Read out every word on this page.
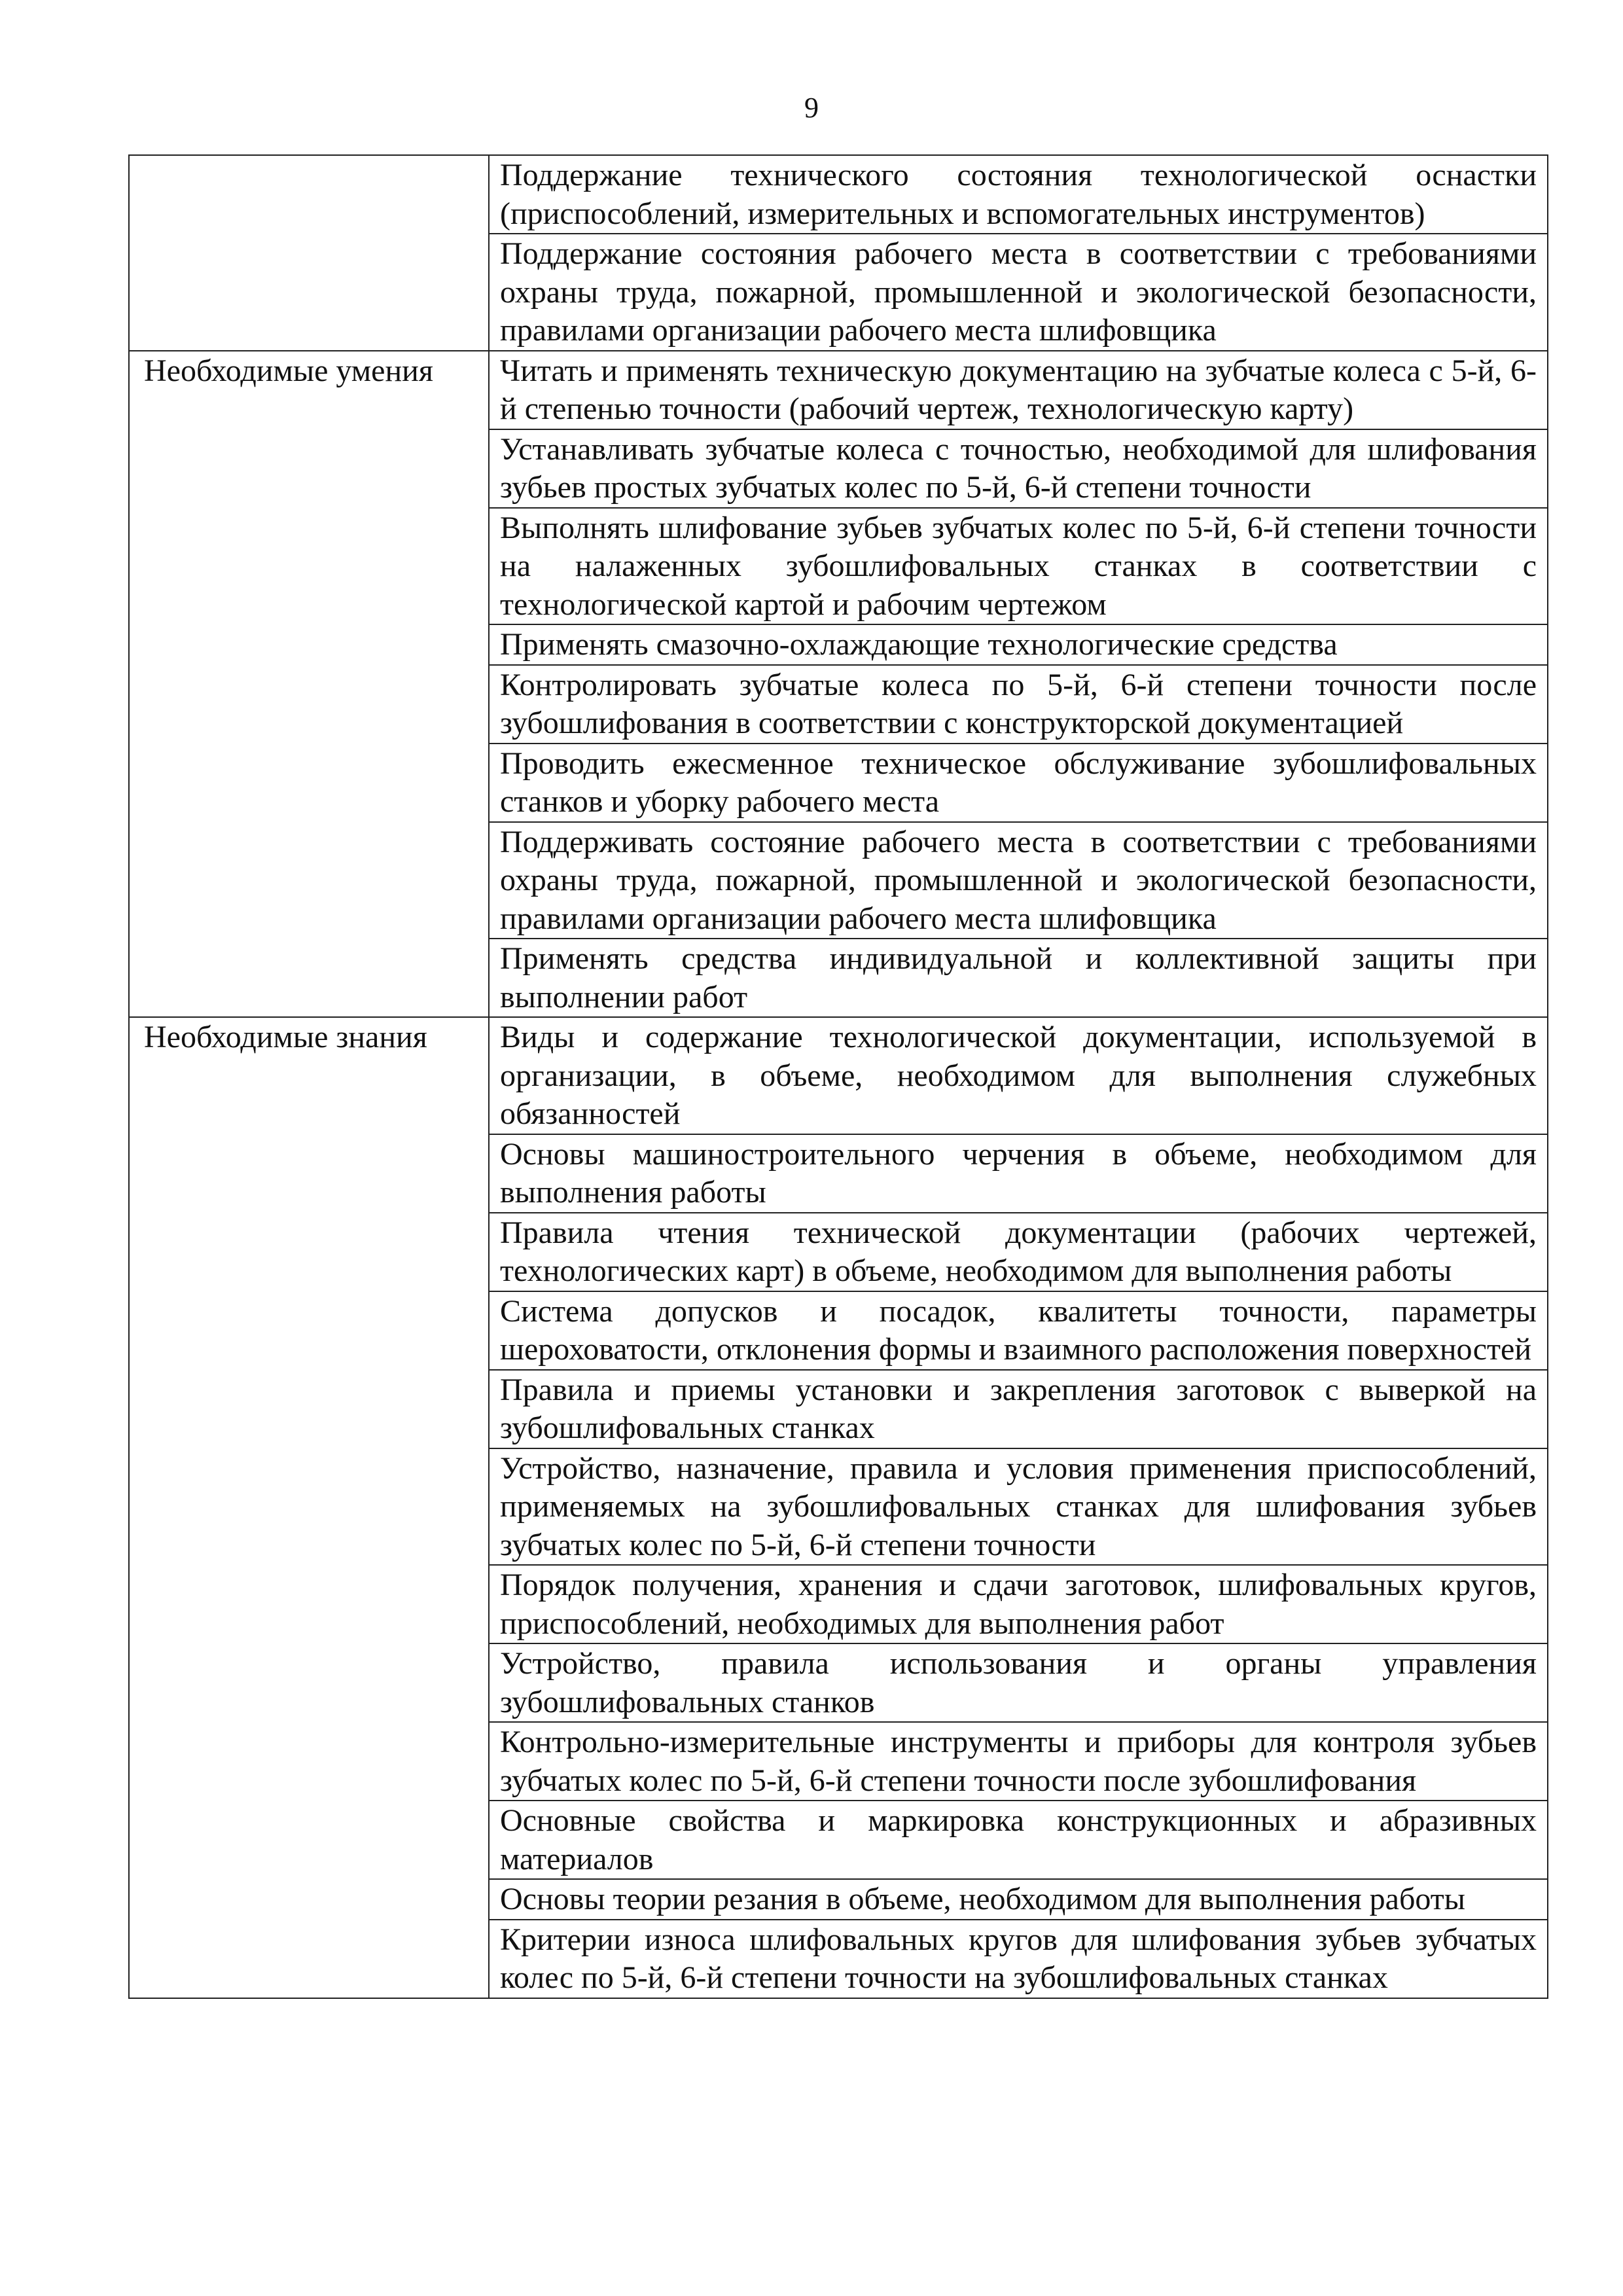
9
	Поддержание технического состояния технологической оснастки (приспособлений, измерительных и вспомогательных инструментов)
	Поддержание состояния рабочего места в соответствии с требованиями охраны труда, пожарной, промышленной и экологической безопасности, правилами организации рабочего места шлифовщика
Необходимые умения	Читать и применять техническую документацию на зубчатые колеса с 5-й, 6-й степенью точности (рабочий чертеж, технологическую карту)
	Устанавливать зубчатые колеса с точностью, необходимой для шлифования зубьев простых зубчатых колес по 5-й, 6-й степени точности
	Выполнять шлифование зубьев зубчатых колес по 5-й, 6-й степени точности на налаженных зубошлифовальных станках в соответствии с технологической картой и рабочим чертежом
	Применять смазочно-охлаждающие технологические средства
	Контролировать зубчатые колеса по 5-й, 6-й степени точности после зубошлифования в соответствии с конструкторской документацией
	Проводить ежесменное техническое обслуживание зубошлифовальных станков и уборку рабочего места
	Поддерживать состояние рабочего места в соответствии с требованиями охраны труда, пожарной, промышленной и экологической безопасности, правилами организации рабочего места шлифовщика
	Применять средства индивидуальной и коллективной защиты при выполнении работ
Необходимые знания	Виды и содержание технологической документации, используемой в организации, в объеме, необходимом для выполнения служебных обязанностей
	Основы машиностроительного черчения в объеме, необходимом для выполнения работы
	Правила чтения технической документации (рабочих чертежей, технологических карт) в объеме, необходимом для выполнения работы
	Система допусков и посадок, квалитеты точности, параметры шероховатости, отклонения формы и взаимного расположения поверхностей
	Правила и приемы установки и закрепления заготовок с выверкой на зубошлифовальных станках
	Устройство, назначение, правила и условия применения приспособлений, применяемых на зубошлифовальных станках для шлифования зубьев зубчатых колес по 5-й, 6-й степени точности
	Порядок получения, хранения и сдачи заготовок, шлифовальных кругов, приспособлений, необходимых для выполнения работ
	Устройство, правила использования и органы управления зубошлифовальных станков
	Контрольно-измерительные инструменты и приборы для контроля зубьев зубчатых колес по 5-й, 6-й степени точности после зубошлифования
	Основные свойства и маркировка конструкционных и абразивных материалов
	Основы теории резания в объеме, необходимом для выполнения работы
	Критерии износа шлифовальных кругов для шлифования зубьев зубчатых колес по 5-й, 6-й степени точности на зубошлифовальных станках
